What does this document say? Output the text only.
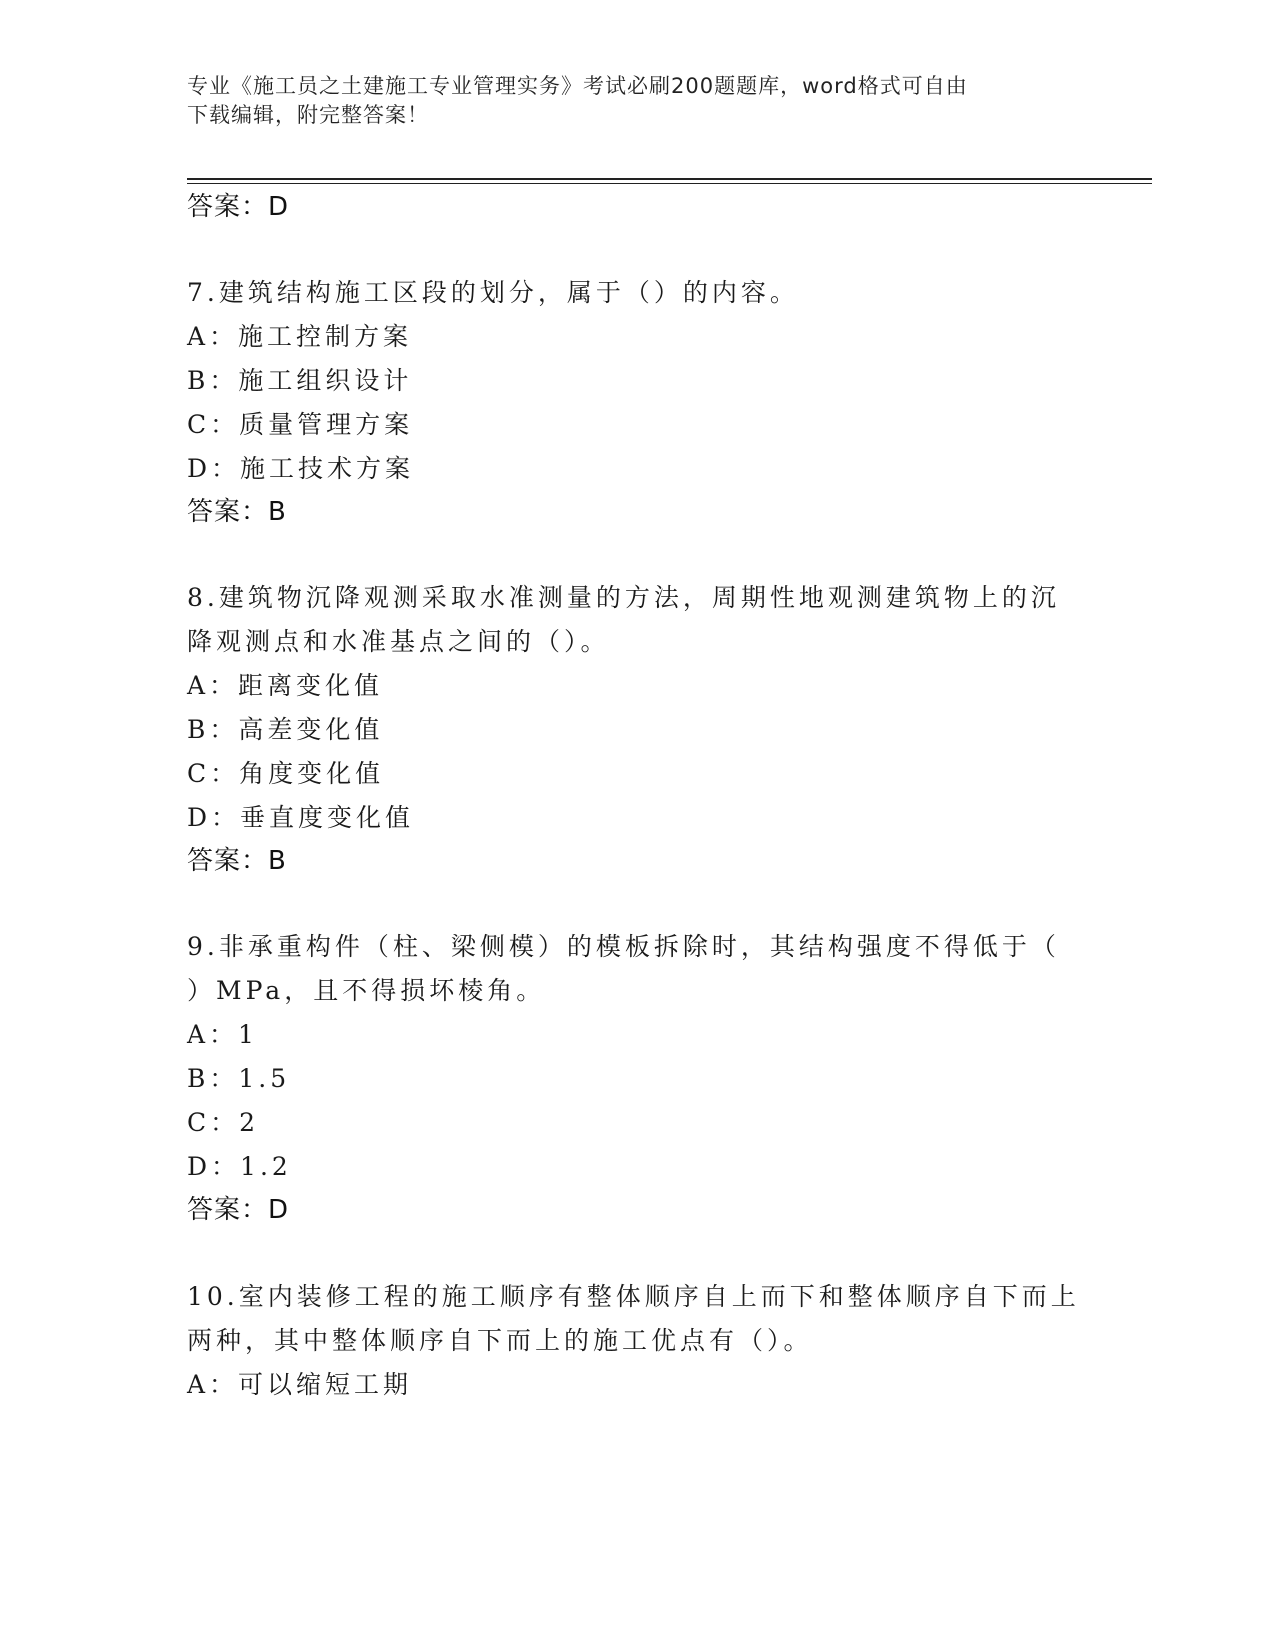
专业《施工员之土建施工专业管理实务》考试必刷200题题库，word格式可自由
下载编辑，附完整答案！
答案：D
7.建筑结构施工区段的划分，属于（）的内容。
A：施工控制方案
B：施工组织设计
C：质量管理方案
D：施工技术方案
答案：B
8.建筑物沉降观测采取水准测量的方法，周期性地观测建筑物上的沉
降观测点和水准基点之间的（）。
A：距离变化值
B：高差变化值
C：角度变化值
D：垂直度变化值
答案：B
9.非承重构件（柱、梁侧模）的模板拆除时，其结构强度不得低于（
）MPa，且不得损坏棱角。
A：1
B：1.5
C：2
D：1.2
答案：D
10.室内装修工程的施工顺序有整体顺序自上而下和整体顺序自下而上
两种，其中整体顺序自下而上的施工优点有（）。
A：可以缩短工期
